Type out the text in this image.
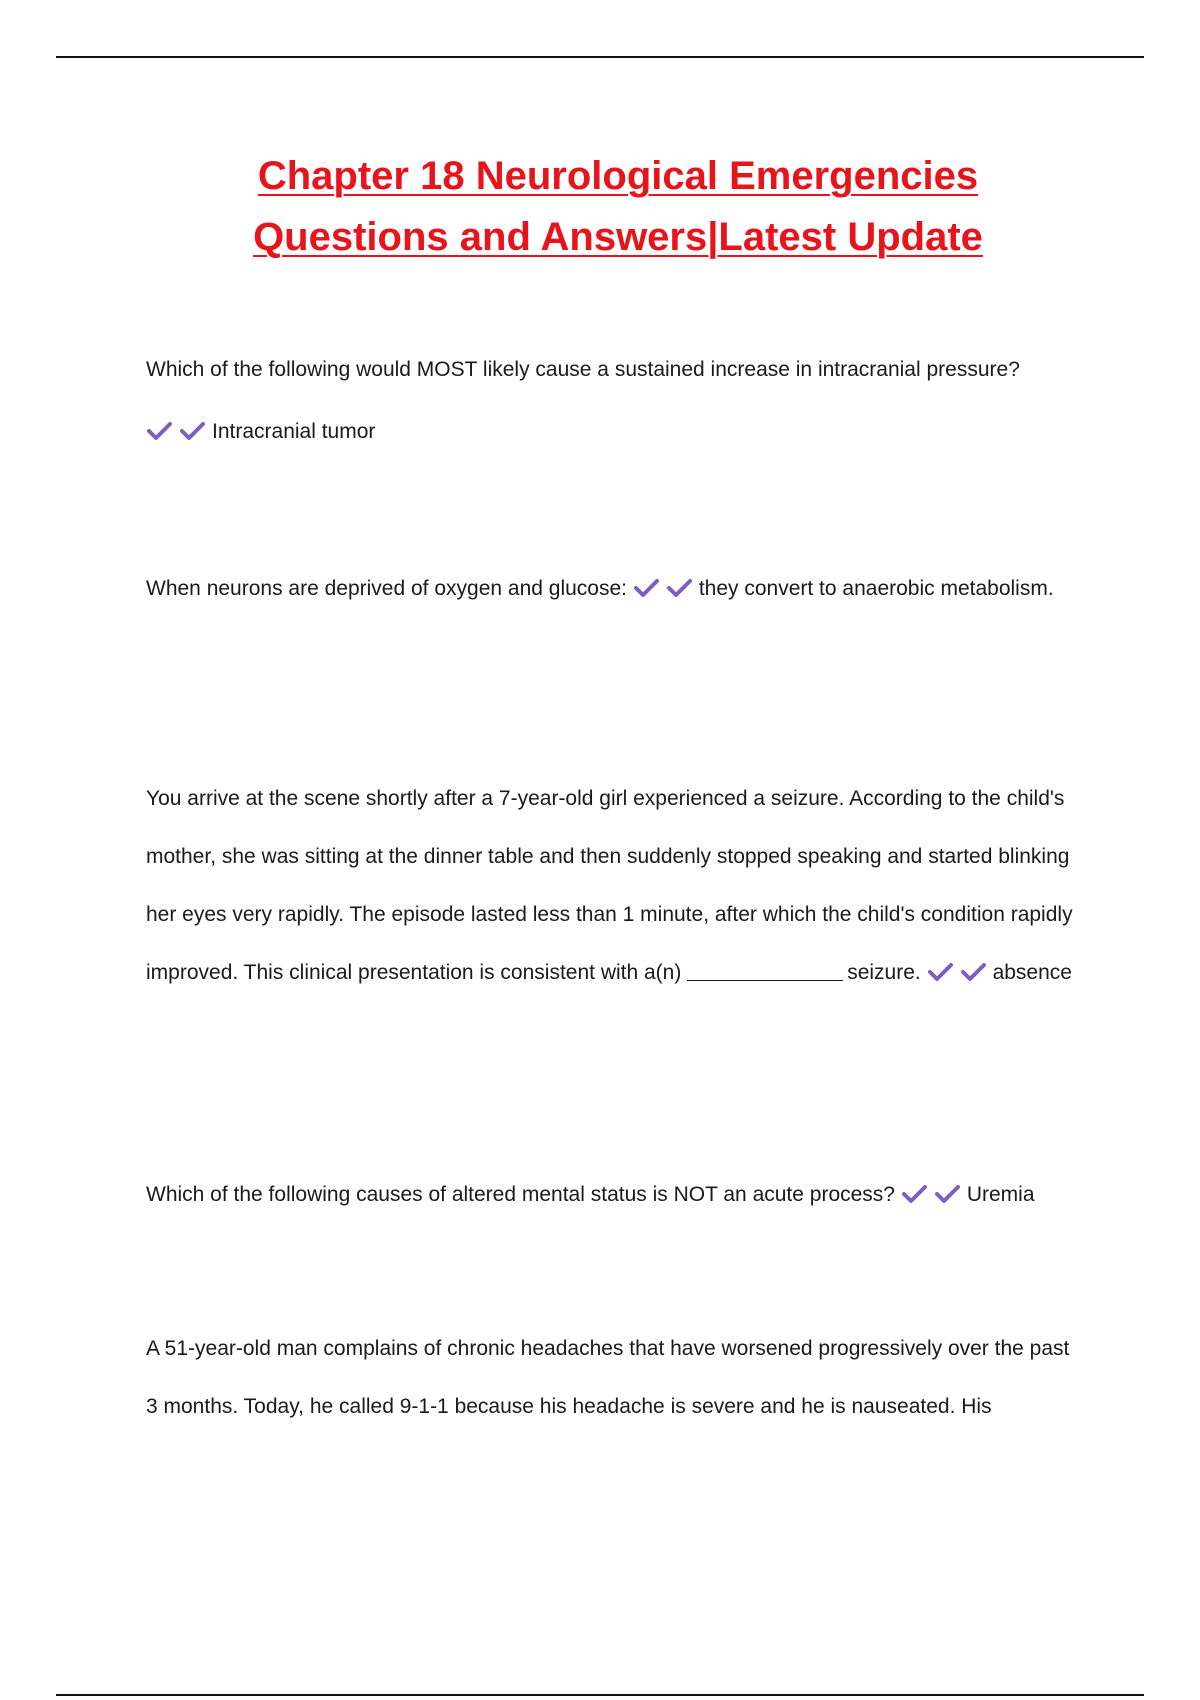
Chapter 18 Neurological Emergencies
Questions and Answers|Latest Update

Which of the following would MOST likely cause a sustained increase in intracranial pressure?

Intracranial tumor

When neurons are deprived of oxygen and glucose:	they convert to anaerobic metabolism.

You arrive at the scene shortly after a 7-year-old girl experienced a seizure. According to the child's mother, she was sitting at the dinner table and then suddenly stopped speaking and started blinking her eyes very rapidly. The episode lasted less than 1 minute, after which the child's condition rapidly improved. This clinical presentation is consistent with a(n)	seizure.	absence

Which of the following causes of altered mental status is NOT an acute process?	Uremia

A 51-year-old man complains of chronic headaches that have worsened progressively over the past 3 months. Today, he called 9-1-1 because his headache is severe and he is nauseated. His
